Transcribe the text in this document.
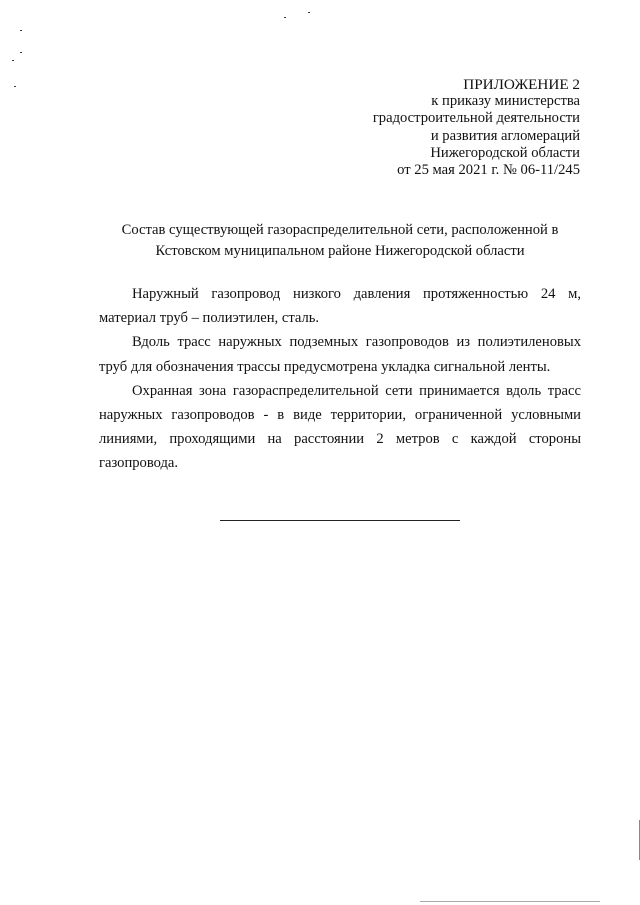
ПРИЛОЖЕНИЕ 2
к приказу министерства
градостроительной деятельности
и развития агломераций
Нижегородской области
от 25 мая 2021 г. № 06-11/245
Состав существующей газораспределительной сети, расположенной в
Кстовском муниципальном районе Нижегородской области

Наружный газопровод низкого давления протяженностью 24 м, материал труб – полиэтилен, сталь.

Вдоль трасс наружных подземных газопроводов из полиэтиленовых труб для обозначения трассы предусмотрена укладка сигнальной ленты.

Охранная зона газораспределительной сети принимается вдоль трасс наружных газопроводов - в виде территории, ограниченной условными линиями, проходящими на расстоянии 2 метров с каждой стороны газопровода.
